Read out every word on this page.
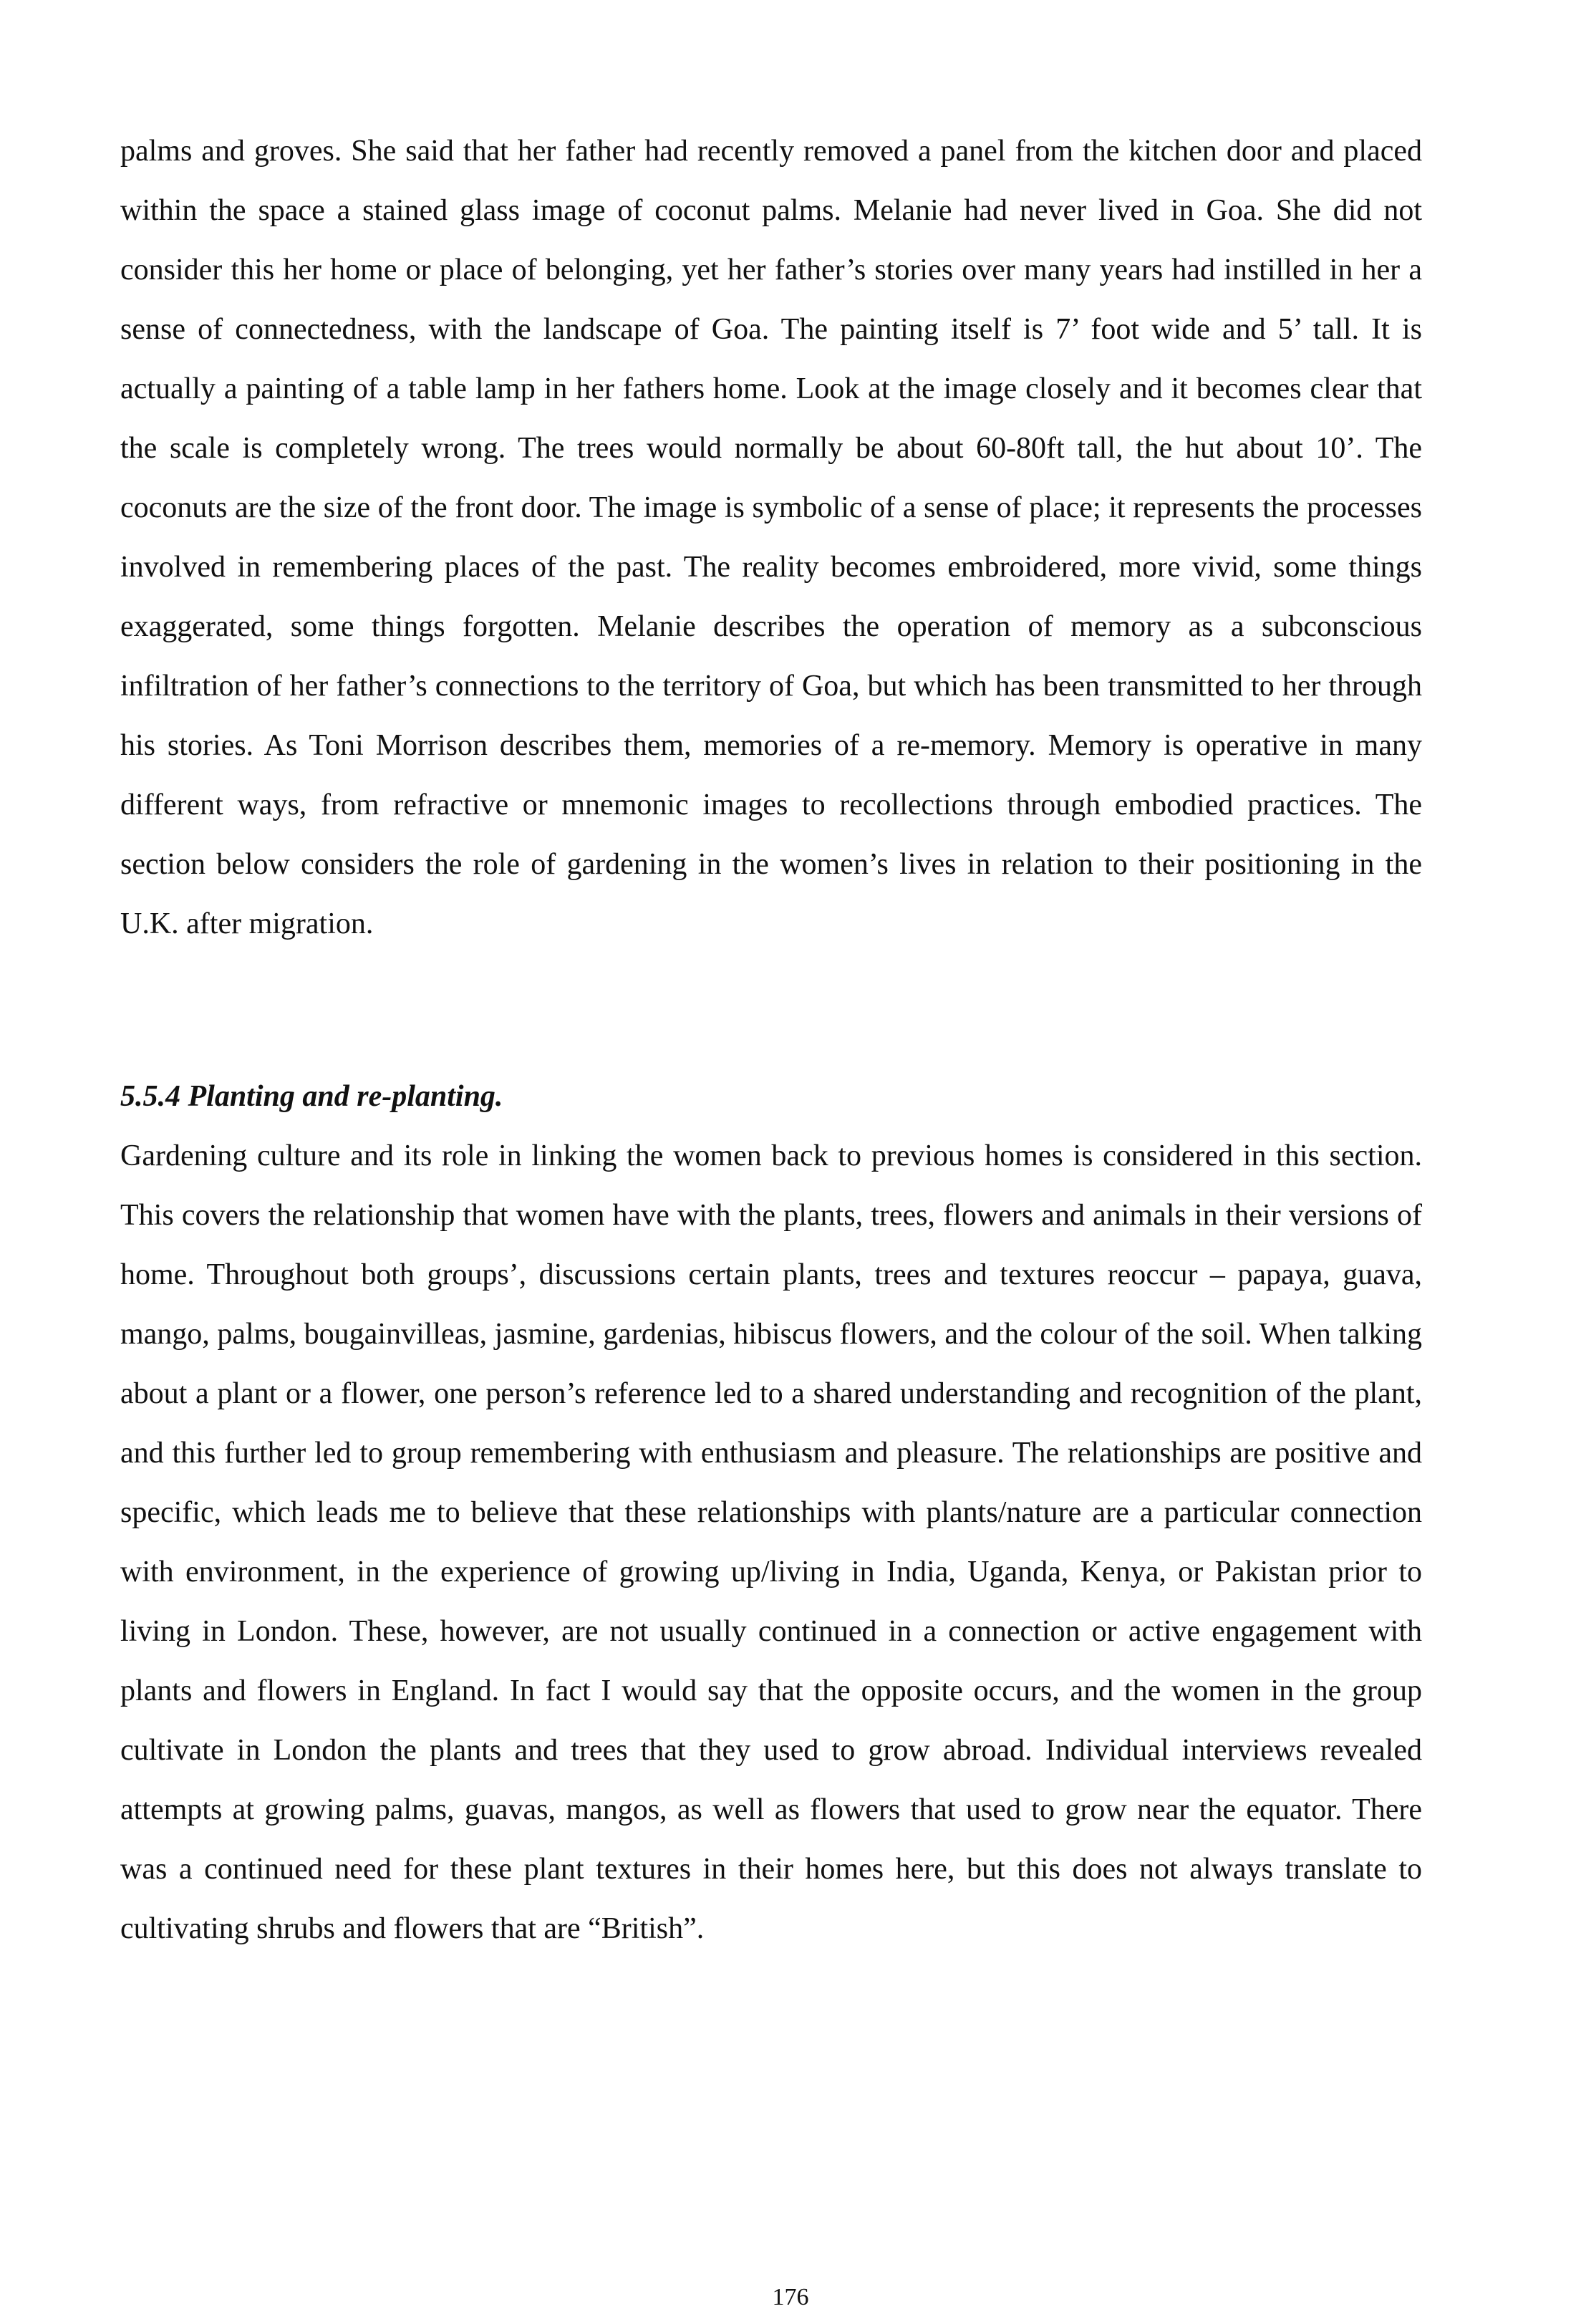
palms and groves. She said that her father had recently removed a panel from the kitchen door and placed within the space a stained glass image of coconut palms. Melanie had never lived in Goa. She did not consider this her home or place of belonging, yet her father’s stories over many years had instilled in her a sense of connectedness, with the landscape of Goa. The painting itself is 7’ foot wide and 5’ tall. It is actually a painting of a table lamp in her fathers home. Look at the image closely and it becomes clear that the scale is completely wrong. The trees would normally be about 60-80ft tall, the hut about 10’. The coconuts are the size of the front door. The image is symbolic of a sense of place; it represents the processes involved in remembering places of the past. The reality becomes embroidered, more vivid, some things exaggerated, some things forgotten. Melanie describes the operation of memory as a subconscious infiltration of her father’s connections to the territory of Goa, but which has been transmitted to her through his stories. As Toni Morrison describes them, memories of a re-memory. Memory is operative in many different ways, from refractive or mnemonic images to recollections through embodied practices. The section below considers the role of gardening in the women’s lives in relation to their positioning in the U.K. after migration.

5.5.4 Planting and re-planting.

Gardening culture and its role in linking the women back to previous homes is considered in this section. This covers the relationship that women have with the plants, trees, flowers and animals in their versions of home. Throughout both groups’, discussions certain plants, trees and textures reoccur – papaya, guava, mango, palms, bougainvilleas, jasmine, gardenias, hibiscus flowers, and the colour of the soil. When talking about a plant or a flower, one person’s reference led to a shared understanding and recognition of the plant, and this further led to group remembering with enthusiasm and pleasure. The relationships are positive and specific, which leads me to believe that these relationships with plants/nature are a particular connection with environment, in the experience of growing up/living in India, Uganda, Kenya, or Pakistan prior to living in London. These, however, are not usually continued in a connection or active engagement with plants and flowers in England. In fact I would say that the opposite occurs, and the women in the group cultivate in London the plants and trees that they used to grow abroad. Individual interviews revealed attempts at growing palms, guavas, mangos, as well as flowers that used to grow near the equator. There was a continued need for these plant textures in their homes here, but this does not always translate to cultivating shrubs and flowers that are “British”.

176
